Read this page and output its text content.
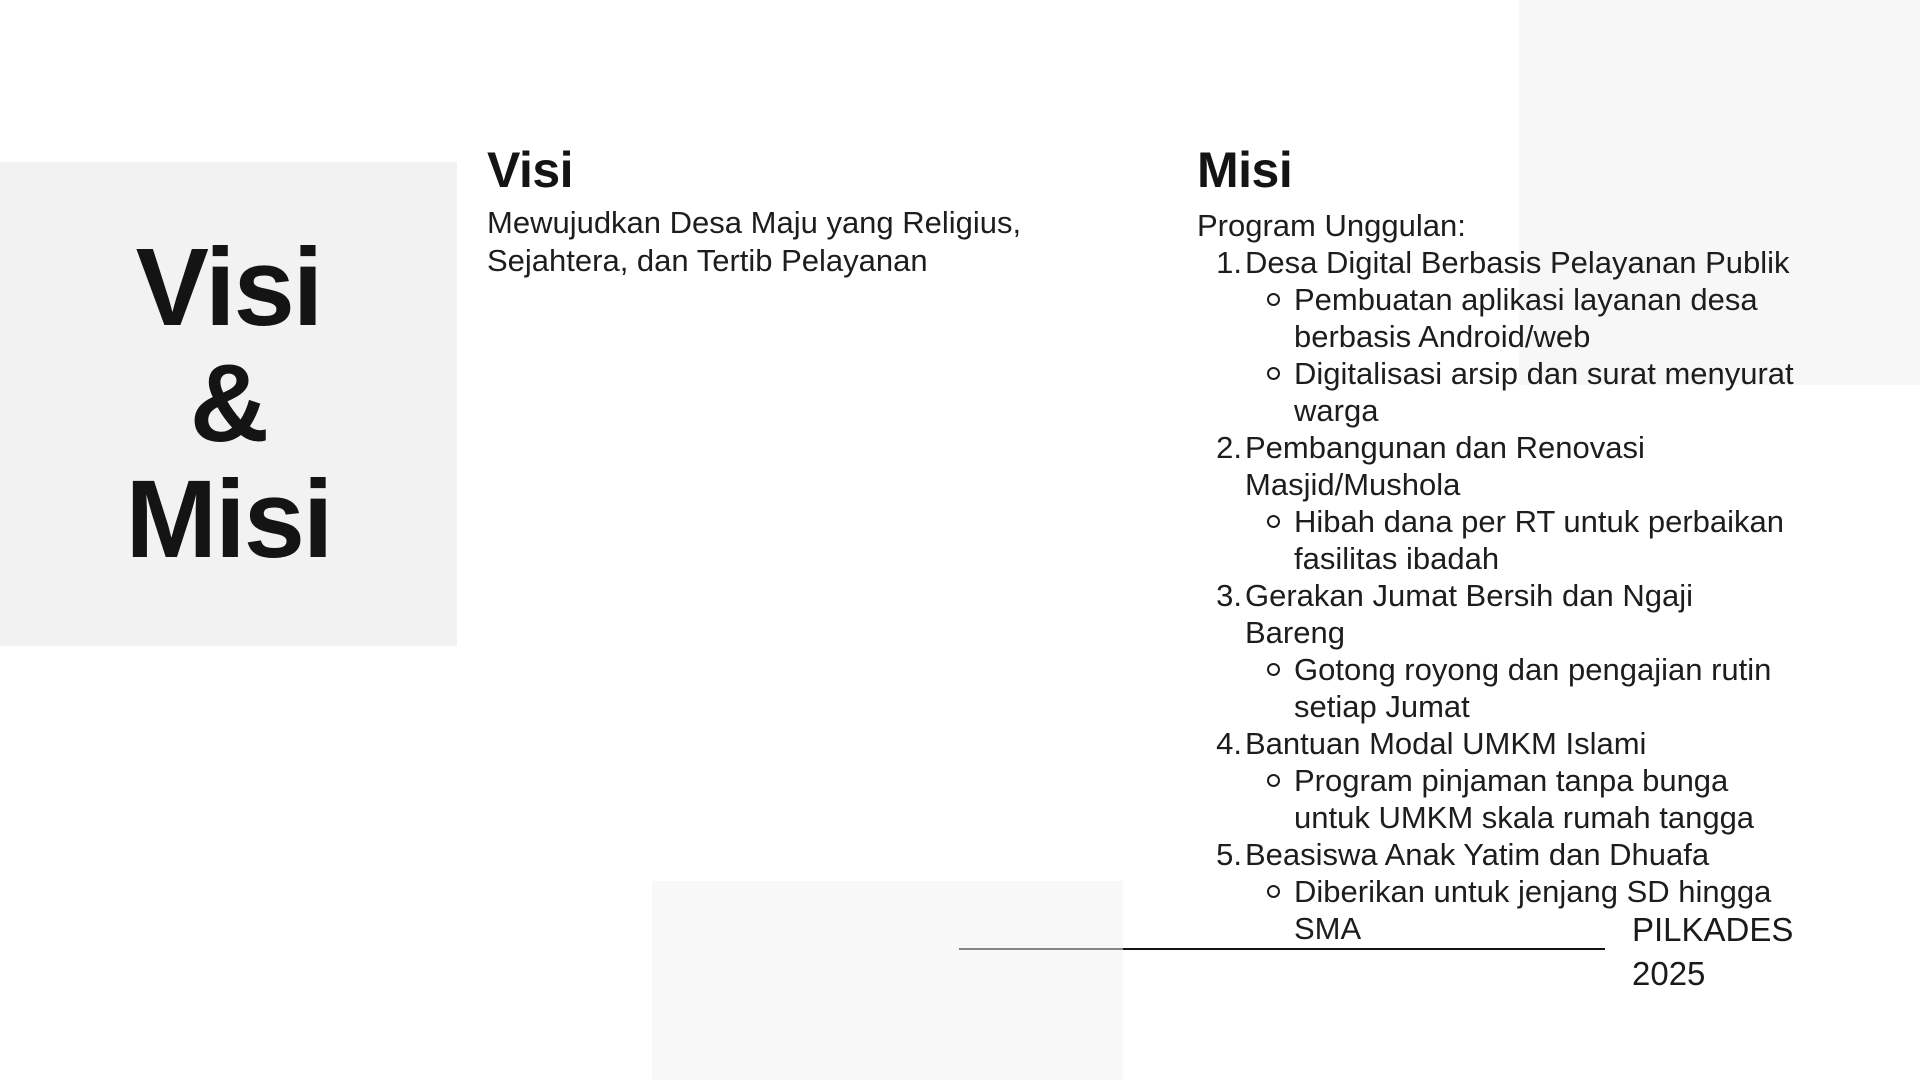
Visi
&
Misi
Visi

Mewujudkan Desa Maju yang Religius,
Sejahtera, dan Tertib Pelayanan

Misi
Program Unggulan:
1. Desa Digital Berbasis Pelayanan Publik
Pembuatan aplikasi layanan desa
berbasis Android/web
Digitalisasi arsip dan surat menyurat
warga
2. Pembangunan dan Renovasi
Masjid/Mushola
Hibah dana per RT untuk perbaikan
fasilitas ibadah
3. Gerakan Jumat Bersih dan Ngaji Bareng
Gotong royong dan pengajian rutin
setiap Jumat
4. Bantuan Modal UMKM Islami
Program pinjaman tanpa bunga
untuk UMKM skala rumah tangga
5. Beasiswa Anak Yatim dan Dhuafa
Diberikan untuk jenjang SD hingga
SMA	PILKADES
2025
